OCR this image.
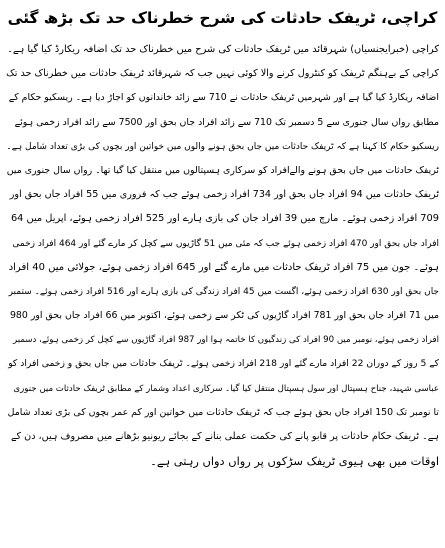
کراچی، ٹریفک حادثات کی شرح خطرناک حد تک بڑھ گئی
کراچی (خبرایجنسیاں) شہرقائد میں ٹریفک حادثات کی شرح میں خطرناک حد تک اضافہ ریکارڈ کیا گیا ہے۔
کراچی کے بےہنگم ٹریفک کو کنٹرول کرنے والا کوئی نہیں جب کہ شہرقائد ٹریفک حادثات میں خطرناک حد تک
اضافہ ریکارڈ کیا گیا ہے اور شہرمیں ٹریفک حادثات نے 710 سے زائد خاندانوں کو اجاڑ دیا ہے۔ ریسکیو حکام کے
مطابق رواں سال جنوری سے 5 دسمبر تک 710 سے زائد افراد جاں بحق اور 7500 سے زائد افراد زخمی ہوئے
ریسکیو حکام کا کہنا ہے کہ ٹریفک حادثات میں جاں بحق ہونے والوں میں خواتین اور بچوں کی بڑی تعداد شامل ہے۔
ٹریفک حادثات میں جاں بحق ہونے والےافراد کو سرکاری ہسپتالوں میں منتقل کیا گیا تھا۔ رواں سال جنوری میں
ٹریفک حادثات میں 94 افراد جاں بحق اور 734 افراد زخمی ہوئے جب کہ فروری میں 55 افراد جاں بحق اور
709 افراد زخمی ہوئے۔ مارچ میں 39 افراد جان کی بازی ہارے اور 525 افراد زخمی ہوئے، اپریل میں 64
افراد جاں بحق اور 470 افراد زخمی ہوئے جب کہ مئی میں 51 گاڑیوں سے کچل کر مارے گئے اور 464 افراد زخمی
ہوئے۔ جون میں 75 افراد ٹریفک حادثات میں مارے گئے اور 645 افراد زخمی ہوئے، جولائی میں 40 افراد
جاں بحق اور 630 افراد زخمی ہوئے، اگست میں 45 افراد زندگی کی بازی ہارے اور 516 افراد زخمی ہوئے۔ ستمبر
میں 71 افراد جاں بحق اور 781 افراد گاڑیوں کی ٹکر سے زخمی ہوئے، اکتوبر میں 66 افراد جاں بحق اور 980
افراد زخمی ہوئے، نومبر میں 90 افراد کی زندگیوں کا خاتمہ ہوا اور 987 افراد گاڑیوں سے کچل کر زخمی ہوئے، دسمبر
کے 5 روز کے دوران 22 افراد مارے گئے اور 218 افراد زخمی ہوئے۔ ٹریفک حادثات میں جاں بحق و زخمی افراد کو
عباسی شہید، جناح ہسپتال اور سول ہسپتال منتقل کیا گیا۔ سرکاری اعداد وشمار کے مطابق ٹریفک حادثات میں جنوری
تا نومبر تک 150 افراد جاں بحق ہوئے جب کہ ٹریفک حادثات میں خواتین اور کم عمر بچوں کی بڑی تعداد شامل
ہے۔ ٹریفک حکام حادثات پر قابو پانے کی حکمت عملی بنانے کے بجائے ریونیو بڑھانے میں مصروف ہیں، دن کے
اوقات میں بھی ہیوی ٹریفک سڑکوں پر رواں دواں رہتی ہے۔
